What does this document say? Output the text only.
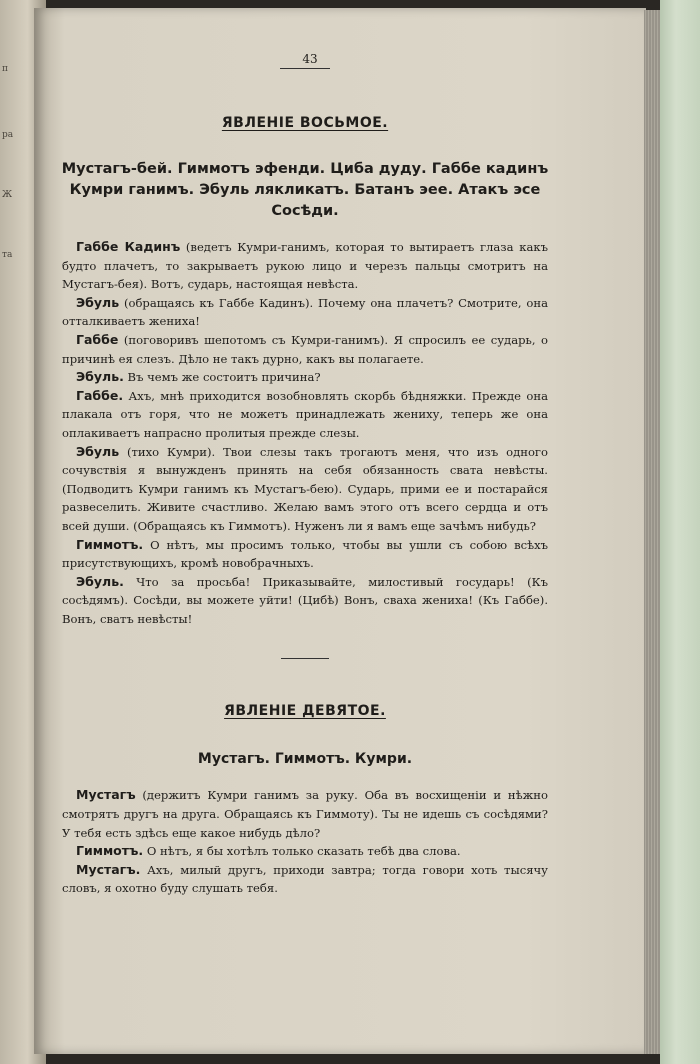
п
ра
Ж
та
43
ЯВЛЕНІЕ ВОСЬМОЕ.
Мустагъ-бей. Гиммотъ эфенди. Циба дуду. Габбе кадинъ Кумри ганимъ. Эбуль лякликатъ. Батанъ эее. Атакъ эсе Сосѣди.

Габбе Кадинъ (ведетъ Кумри-ганимъ, которая то вытираетъ глаза какъ будто плачетъ, то закрываетъ рукою лицо и черезъ пальцы смотритъ на Мустагъ-бея). Вотъ, сударь, настоящая невѣста.

Эбуль (обращаясь къ Габбе Кадинъ). Почему она плачетъ? Смотрите, она отталкиваетъ жениха!

Габбе (поговоривъ шепотомъ съ Кумри-ганимъ). Я спросилъ ее сударь, о причинѣ ея слезъ. Дѣло не такъ дурно, какъ вы полагаете.

Эбуль. Въ чемъ же состоитъ причина?

Габбе. Ахъ, мнѣ приходится возобновлять скорбь бѣдняжки. Прежде она плакала отъ горя, что не можетъ принадлежать жениху, теперь же она оплакиваетъ напрасно пролитыя прежде слезы.

Эбуль (тихо Кумри). Твои слезы такъ трогаютъ меня, что изъ одного сочувствія я вынужденъ принять на себя обязанность свата невѣсты. (Подводитъ Кумри ганимъ къ Мустагъ-бею). Сударь, прими ее и постарайся развеселить. Живите счастливо. Желаю вамъ этого отъ всего сердца и отъ всей души. (Обращаясь къ Гиммотъ). Нуженъ ли я вамъ еще зачѣмъ нибудь?

Гиммотъ. О нѣтъ, мы просимъ только, чтобы вы ушли съ собою всѣхъ присутствующихъ, кромѣ новобрачныхъ.

Эбуль. Что за просьба! Приказывайте, милостивый государь! (Къ сосѣдямъ). Сосѣди, вы можете уйти! (Цибѣ) Вонъ, сваха жениха! (Къ Габбе). Вонъ, сватъ невѣсты!

ЯВЛЕНІЕ ДЕВЯТОЕ.
Мустагъ. Гиммотъ. Кумри.

Мустагъ (держитъ Кумри ганимъ за руку. Оба въ восхищеніи и нѣжно смотрятъ другъ на друга. Обращаясь къ Гиммоту). Ты не идешь съ сосѣдями? У тебя есть здѣсь еще какое нибудь дѣло?

Гиммотъ. О нѣтъ, я бы хотѣлъ только сказать тебѣ два слова.

Мустагъ. Ахъ, милый другъ, приходи завтра; тогда говори хоть тысячу словъ, я охотно буду слушать тебя.
